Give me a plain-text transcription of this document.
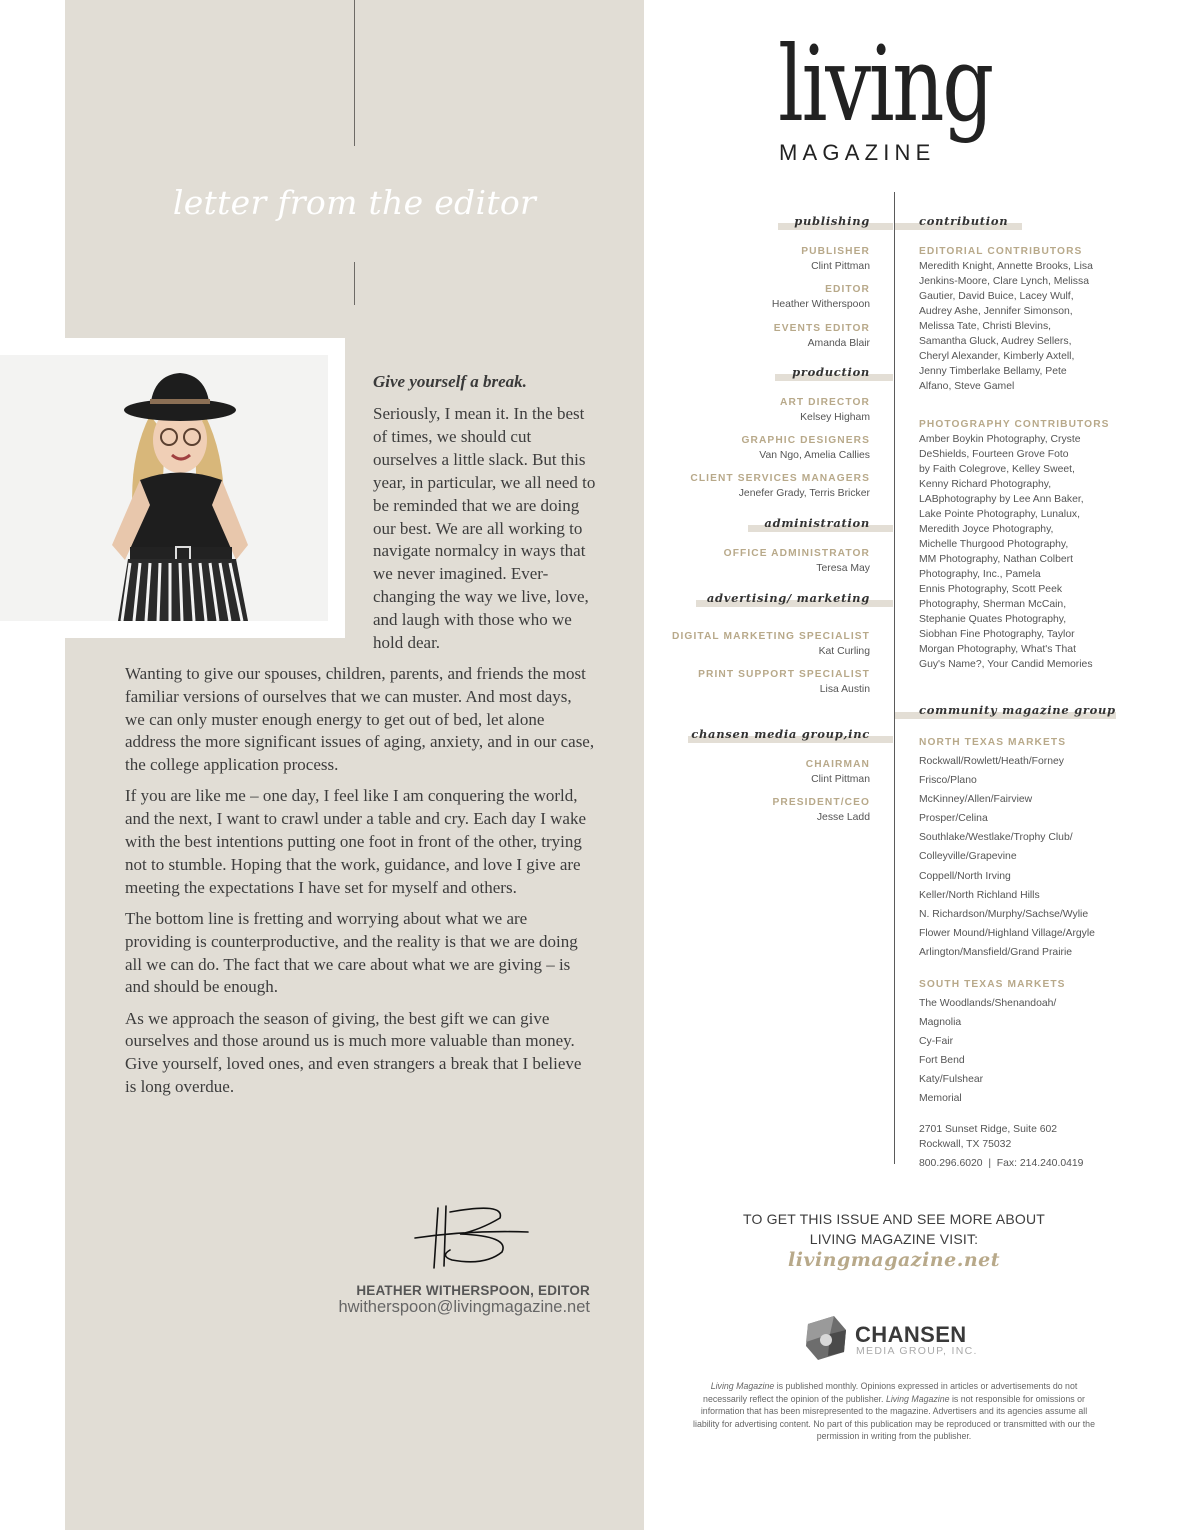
letter from the editor
Give yourself a break.
Seriously, I mean it. In the best of times, we should cut ourselves a little slack. But this year, in particular, we all need to be reminded that we are doing our best. We are all working to navigate normalcy in ways that we never imagined. Ever-changing the way we live, love, and laugh with those who we hold dear.

Wanting to give our spouses, children, parents, and friends the most familiar versions of ourselves that we can muster. And most days, we can only muster enough energy to get out of bed, let alone address the more significant issues of aging, anxiety, and in our case, the college application process.

If you are like me – one day, I feel like I am conquering the world, and the next, I want to crawl under a table and cry. Each day I wake with the best intentions putting one foot in front of the other, trying not to stumble. Hoping that the work, guidance, and love I give are meeting the expectations I have set for myself and others.

The bottom line is fretting and worrying about what we are providing is counterproductive, and the reality is that we are doing all we can do. The fact that we care about what we are giving – is and should be enough.

As we approach the season of giving, the best gift we can give ourselves and those around us is much more valuable than money. Give yourself, loved ones, and even strangers a break that I believe is long overdue.

HEATHER WITHERSPOON, EDITOR
hwitherspoon@livingmagazine.net
living
MAGAZINE
publishing
PUBLISHER
Clint Pittman
EDITOR
Heather Witherspoon
EVENTS EDITOR
Amanda Blair
production
ART DIRECTOR
Kelsey Higham
GRAPHIC DESIGNERS
Van Ngo, Amelia Callies
CLIENT SERVICES MANAGERS
Jenefer Grady, Terris Bricker
administration
OFFICE ADMINISTRATOR
Teresa May
advertising/ marketing
DIGITAL MARKETING SPECIALIST
Kat Curling
PRINT SUPPORT SPECIALIST
Lisa Austin
chansen media group,inc
CHAIRMAN
Clint Pittman
PRESIDENT/CEO
Jesse Ladd
contribution
EDITORIAL CONTRIBUTORS
Meredith Knight, Annette Brooks, Lisa
Jenkins-Moore, Clare Lynch, Melissa
Gautier, David Buice, Lacey Wulf,
Audrey Ashe, Jennifer Simonson,
Melissa Tate, Christi Blevins,
Samantha Gluck, Audrey Sellers,
Cheryl Alexander, Kimberly Axtell,
Jenny Timberlake Bellamy, Pete
Alfano, Steve Gamel
PHOTOGRAPHY CONTRIBUTORS
Amber Boykin Photography, Cryste
DeShields, Fourteen Grove Foto
by Faith Colegrove, Kelley Sweet,
Kenny Richard Photography,
LABphotography by Lee Ann Baker,
Lake Pointe Photography, Lunalux,
Meredith Joyce Photography,
Michelle Thurgood Photography,
MM Photography, Nathan Colbert
Photography, Inc., Pamela
Ennis Photography, Scott Peek
Photography, Sherman McCain,
Stephanie Quates Photography,
Siobhan Fine Photography, Taylor
Morgan Photography, What's That
Guy's Name?, Your Candid Memories
community magazine group
NORTH TEXAS MARKETS
Rockwall/Rowlett/Heath/Forney
Frisco/Plano
McKinney/Allen/Fairview
Prosper/Celina
Southlake/Westlake/Trophy Club/
Colleyville/Grapevine
Coppell/North Irving
Keller/North Richland Hills
N. Richardson/Murphy/Sachse/Wylie
Flower Mound/Highland Village/Argyle
Arlington/Mansfield/Grand Prairie
SOUTH TEXAS MARKETS
The Woodlands/Shenandoah/
Magnolia
Cy-Fair
Fort Bend
Katy/Fulshear
Memorial
2701 Sunset Ridge, Suite 602
Rockwall, TX 75032
800.296.6020  |  Fax: 214.240.0419
TO GET THIS ISSUE AND SEE MORE ABOUT
LIVING MAGAZINE VISIT:
livingmagazine.net
CHANSEN
MEDIA GROUP, INC.
Living Magazine is published monthly. Opinions expressed in articles or advertisements do not necessarily reflect the opinion of the publisher. Living Magazine is not responsible for omissions or information that has been misrepresented to the magazine. Advertisers and its agencies assume all liability for advertising content. No part of this publication may be reproduced or transmitted with our the permission in writing from the publisher.
